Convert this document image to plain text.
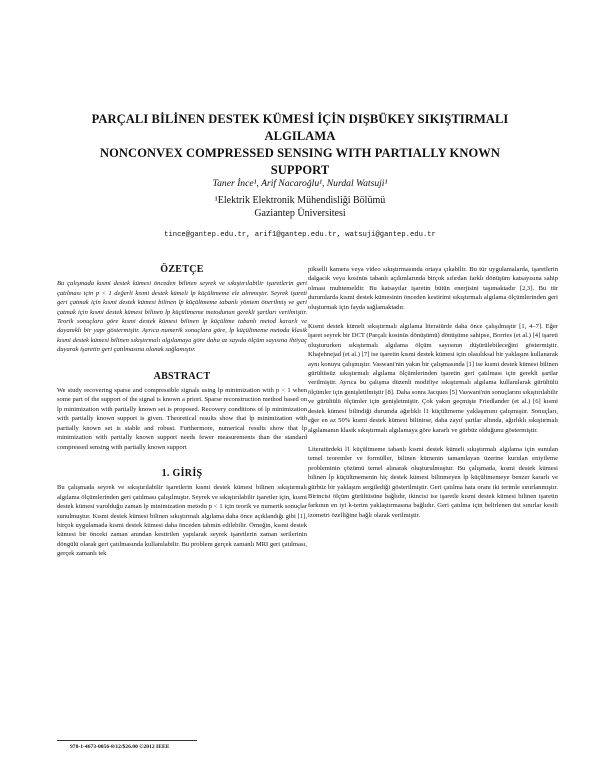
PARÇALI BİLİNEN DESTEK KÜMESİ İÇİN DIŞBÜKEY SIKIŞTIRMALI
ALGILAMA
NONCONVEX COMPRESSED SENSING WITH PARTIALLY KNOWN
SUPPORT
Taner İnce¹, Arif Nacaroğlu¹, Nurdal Watsuji¹
¹Elektrik Elektronik Mühendisliği Bölümü
Gaziantep Üniversitesi
tince@gantep.edu.tr, arif1@gantep.edu.tr, watsuji@gantep.edu.tr
ÖZETÇE

Bu çalışmada kısmi destek kümesi önceden bilinen seyrek ve sıkıştırılabilir işaretlerin geri çatılması için p < 1 değerli kısmi destek kümeli lp küçültmeme ele alınmıştır. Seyrek işareti geri çatmak için kısmi destek kümesi bilinen lp küçültmeme tabanlı yöntem önerilmiş ve geri çatmak için kısmi destek kümesi bilinen lp küçültmeme metodunun gerekli şartları verilmiştir. Teorik sonuçlara göre kısmi destek kümesi bilinen lp küçültme tabanlı metod kararlı ve dayanıklı bir yapı göstermiştir. Ayrıca numerik sonuçlara göre, lp küçültmeme metodu klasik kısmi destek kümesi bilinen sıkıştırmalı algılamaya göre daha az sayıda ölçüm sayısına ihtiyaç duyarak işaretin geri çatılmasına olanak sağlamıştır.

ABSTRACT

We study recovering sparse and compressible signals using lp minimization with p < 1 when some part of the support of the signal is known a priori. Sparse reconstruction method based on lp minimization with partially known set is proposed. Recovery conditions of lp minimization with partially known support is given. Theoretical results show that lp minimization with partially known set is stable and robust. Furthermore, numerical results show that lp minimization with partially known support needs fewer measurements than the standard compressed sensing with partially known support

1. GİRİŞ

Bu çalışmada seyrek ve sıkıştırılabilir işaretlerin kısmi destek kümesi bilinen sıkıştırmalı algılama ölçümlerinden geri çatılması çalışılmıştır. Seyrek ve sıkıştırılabilir işaretler için, kısmi destek kümesi varolduğu zaman lp minimization metodu p < 1 için teorik ve numerik sonuçlar sunulmuştur. Kısmi destek kümesi bilinen sıkıştırmalı algılama daha önce açıklandığı gibi [1], birçok uygulamada kısmi destek kümesi daha önceden tahmin edilebilir. Örneğin, kısmi destek kümesi bir önceki zaman anından kestirilen yapılarak seyrek işaretlerin zaman serilerinin döngülü olarak geri çatılmasında kullanılabilir. Bu problem gerçek zamanlı MRI geri çatılması, gerçek zamanlı tek

pikselli kamera veya video sıkıştırmasında ortaya çıkabilir. Bu tür uygulamalarda, işaretlerin dalgacık veya kosinüs tabanlı açılımlarında birçok sıfırdan farklı dönüşüm katsayısına sahip olması muhtemeldir. Bu katsayılar işaretin bütün enerjisini taşımaktadır [2,3]. Bu tür durumlarda kısmi destek kümesinin önceden kestirimi sıkıştırmalı algılama ölçümlerinden geri oluşturmak için fayda sağlamaktadır.

Kısmi destek kümeli sıkıştırmalı algılama literatürde daha önce çalışılmıştır [1, 4–7]. Eğer işaret seyrek bir DCT (Parçalı kosinüs dönüşümü) dönüşüme sahipse, Borries (et al.) [4] işareti oluştururken sıkıştırmalı algılama ölçüm sayısının düşürülebileceğini göstermiştir. Khajehnejad (et al.) [7] ise işaretin kısmi destek kümesi için olasılıksal bir yaklaşım kullanarak aynı konuyu çalışmıştır. Vaswani'nin yakın bir çalışmasında [1] ise kısmi destek kümesi bilinen gürültüsüz sıkıştırmalı algılama ölçümlerinden işaretin geri çatılması için gerekli şartlar verilmiştir. Ayrıca bu çalışma düzenli modifiye sıkıştırmalı algılama kullanılarak gürültülü ölçümler için genişletilmiştir [8]. Daha sonra Jacques [5] Vaswani'nin sonuçlarını sıkıştırılabilir ve gürültülü ölçümler için genişletmiştir. Çok yakın geçmişte Friedlander (et al.) [6] kısmi destek kümesi bilindiği durumda ağırlıklı l1 küçültmeme yaklaşımını çalışmıştır. Sonuçları, eğer en az 50% kısmi destek kümesi bilinirse, daha zayıf şartlar altında, ağırlıklı sıkıştırmalı algılamanın klasik sıkıştırmalı algılamaya göre kararlı ve gürbüz olduğunu göstermiştir.

Literatürdeki l1 küçültmeme tabanlı kısmi destek kümeli sıkıştırmalı algılama için sunulan temel teoremler ve formüller, bilinen kümenin tamamlayan üzerine kurulan eniyileme probleminin çözümü temel alınarak oluşturulmuştur. Bu çalışmada, kısmi destek kümesi bilinen lp küçültmemenin hiç destek kümesi bilinmeyen lp küçültmemeye benzer kararlı ve gürbüz bir yaklaşım sergilediği gösterilmiştir. Geri çatılma hata oranı iki terimle sınırlanmıştır. Birincisi ölçüm gürültüsüne bağlıdır, ikincisi ise işaretle kısmi destek kümesi bilinen işaretin farkının en iyi k-terim yaklaştırmasına bağlıdır. Geri çatılma için belirlenen üst sınırlar kestli izometri özelliğine bağlı olarak verilmiştir.

978-1-4673-0056-8/12/$26.00 ©2012 IEEE
